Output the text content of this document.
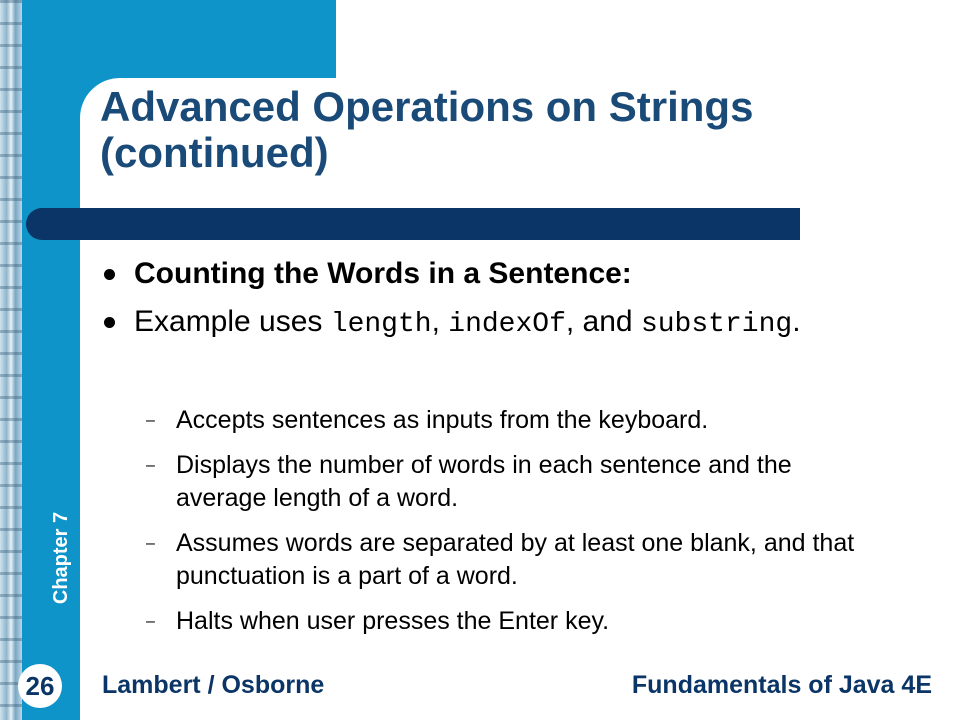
Advanced Operations on Strings
(continued)
Counting the Words in a Sentence:
Example uses length, indexOf, and substring.
– Accepts sentences as inputs from the keyboard.
– Displays the number of words in each sentence and the average length of a word.
– Assumes words are separated by at least one blank, and that punctuation is a part of a word.
– Halts when user presses the Enter key.
Chapter 7
26	Lambert / Osborne	Fundamentals of Java 4E
